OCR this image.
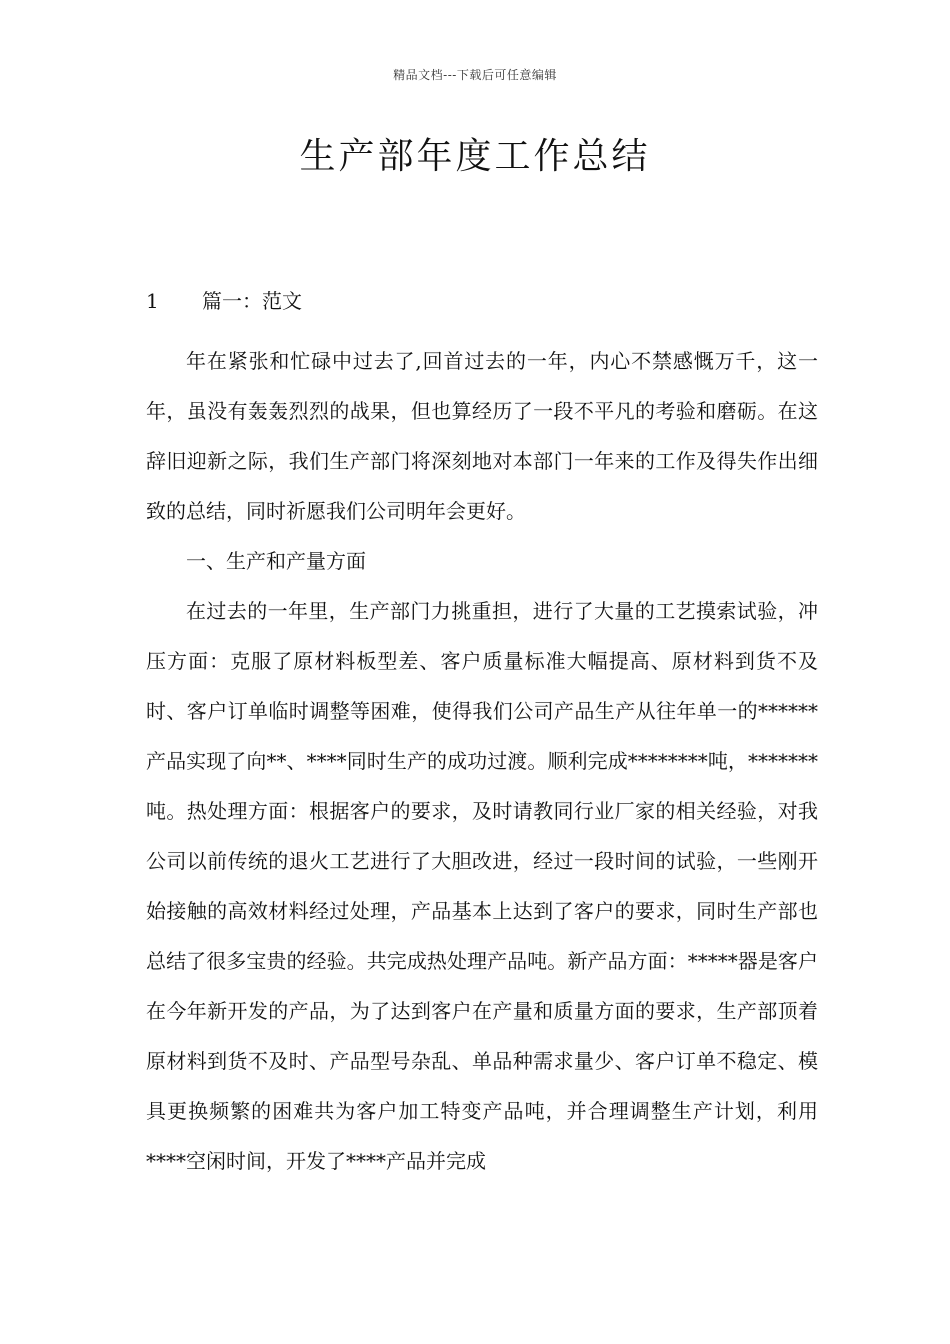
精品文档---下载后可任意编辑
生产部年度工作总结
1 篇一：范文

年在紧张和忙碌中过去了,回首过去的一年，内心不禁感慨万千，这一年，虽没有轰轰烈烈的战果，但也算经历了一段不平凡的考验和磨砺。在这辞旧迎新之际，我们生产部门将深刻地对本部门一年来的工作及得失作出细致的总结，同时祈愿我们公司明年会更好。

一、生产和产量方面

在过去的一年里，生产部门力挑重担，进行了大量的工艺摸索试验，冲压方面：克服了原材料板型差、客户质量标准大幅提高、原材料到货不及时、客户订单临时调整等困难，使得我们公司产品生产从往年单一的******产品实现了向**、****同时生产的成功过渡。顺利完成********吨，*******吨。热处理方面：根据客户的要求，及时请教同行业厂家的相关经验，对我公司以前传统的退火工艺进行了大胆改进，经过一段时间的试验，一些刚开始接触的高效材料经过处理，产品基本上达到了客户的要求，同时生产部也总结了很多宝贵的经验。共完成热处理产品吨。新产品方面：*****器是客户在今年新开发的产品，为了达到客户在产量和质量方面的要求，生产部顶着原材料到货不及时、产品型号杂乱、单品种需求量少、客户订单不稳定、模具更换频繁的困难共为客户加工特变产品吨，并合理调整生产计划，利用****空闲时间，开发了****产品并完成
